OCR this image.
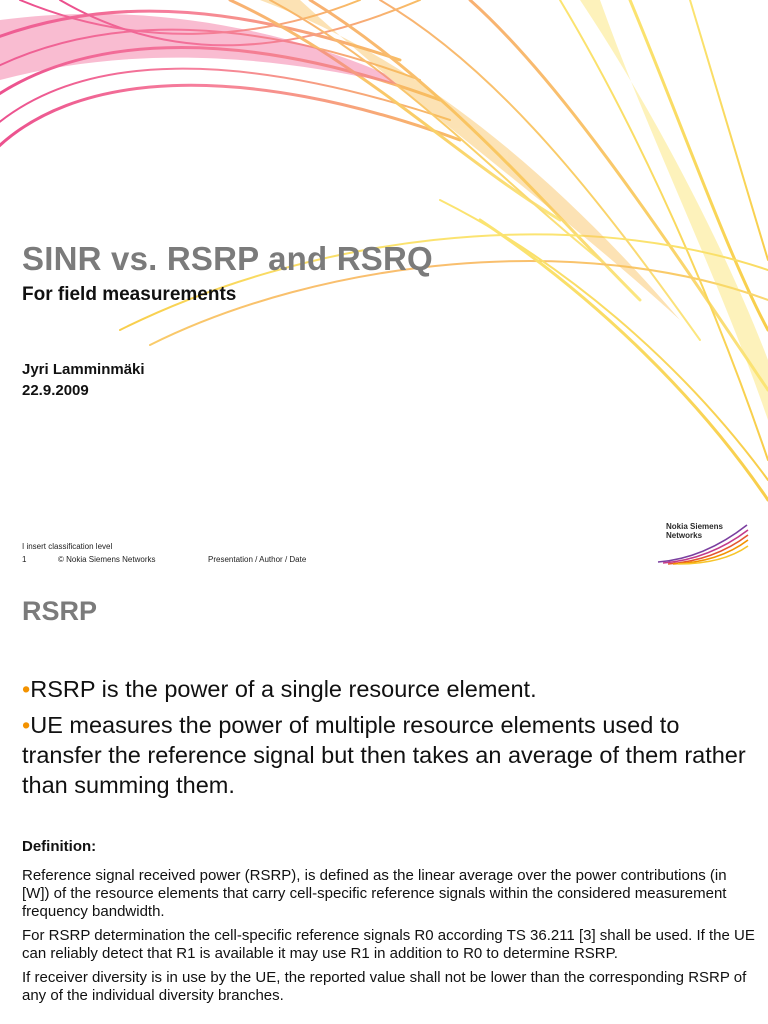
SINR vs. RSRP and RSRQ
For field measurements
Jyri Lamminmäki
22.9.2009
I insert classification level
1	© Nokia Siemens Networks	Presentation / Author / Date
Nokia Siemens
Networks
RSRP
•RSRP is the power of a single resource element.
•UE measures the power of multiple resource elements used to transfer the reference signal but then takes an average of them rather than summing them.
Definition:

Reference signal received power (RSRP), is defined as the linear average over the power contributions (in [W]) of the resource elements that carry cell-specific reference signals within the considered measurement frequency bandwidth.

For RSRP determination the cell-specific reference signals R0 according TS 36.211 [3] shall be used. If the UE can reliably detect that R1 is available it may use R1 in addition to R0 to determine RSRP.

If receiver diversity is in use by the UE, the reported value shall not be lower than the corresponding RSRP of any of the individual diversity branches.
